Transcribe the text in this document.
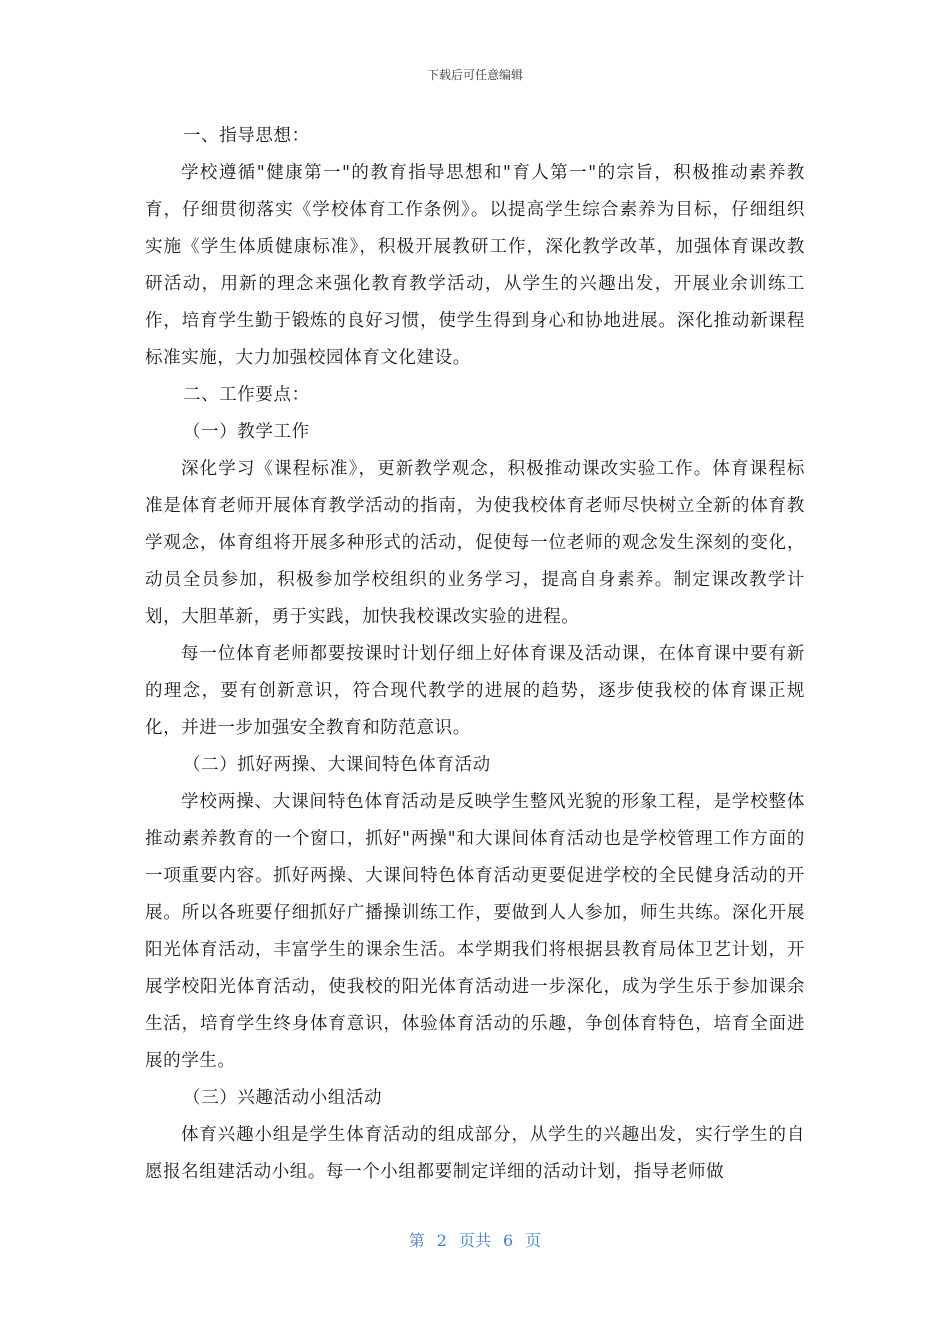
下载后可任意编辑

一、指导思想：

学校遵循"健康第一"的教育指导思想和"育人第一"的宗旨，积极推动素养教育，仔细贯彻落实《学校体育工作条例》。以提高学生综合素养为目标，仔细组织实施《学生体质健康标准》，积极开展教研工作，深化教学改革，加强体育课改教研活动，用新的理念来强化教育教学活动，从学生的兴趣出发，开展业余训练工作，培育学生勤于锻炼的良好习惯，使学生得到身心和协地进展。深化推动新课程标准实施，大力加强校园体育文化建设。

二、工作要点：

（一）教学工作

深化学习《课程标准》，更新教学观念，积极推动课改实验工作。体育课程标准是体育老师开展体育教学活动的指南，为使我校体育老师尽快树立全新的体育教学观念，体育组将开展多种形式的活动，促使每一位老师的观念发生深刻的变化，动员全员参加，积极参加学校组织的业务学习，提高自身素养。制定课改教学计划，大胆革新，勇于实践，加快我校课改实验的进程。

每一位体育老师都要按课时计划仔细上好体育课及活动课，在体育课中要有新的理念，要有创新意识，符合现代教学的进展的趋势，逐步使我校的体育课正规化，并进一步加强安全教育和防范意识。

（二）抓好两操、大课间特色体育活动

学校两操、大课间特色体育活动是反映学生整风光貌的形象工程，是学校整体推动素养教育的一个窗口，抓好"两操"和大课间体育活动也是学校管理工作方面的一项重要内容。抓好两操、大课间特色体育活动更要促进学校的全民健身活动的开展。所以各班要仔细抓好广播操训练工作，要做到人人参加，师生共练。深化开展阳光体育活动，丰富学生的课余生活。本学期我们将根据县教育局体卫艺计划，开展学校阳光体育活动，使我校的阳光体育活动进一步深化，成为学生乐于参加课余生活，培育学生终身体育意识，体验体育活动的乐趣，争创体育特色，培育全面进展的学生。

（三）兴趣活动小组活动

体育兴趣小组是学生体育活动的组成部分，从学生的兴趣出发，实行学生的自愿报名组建活动小组。每一个小组都要制定详细的活动计划，指导老师做

第 2 页共 6 页
